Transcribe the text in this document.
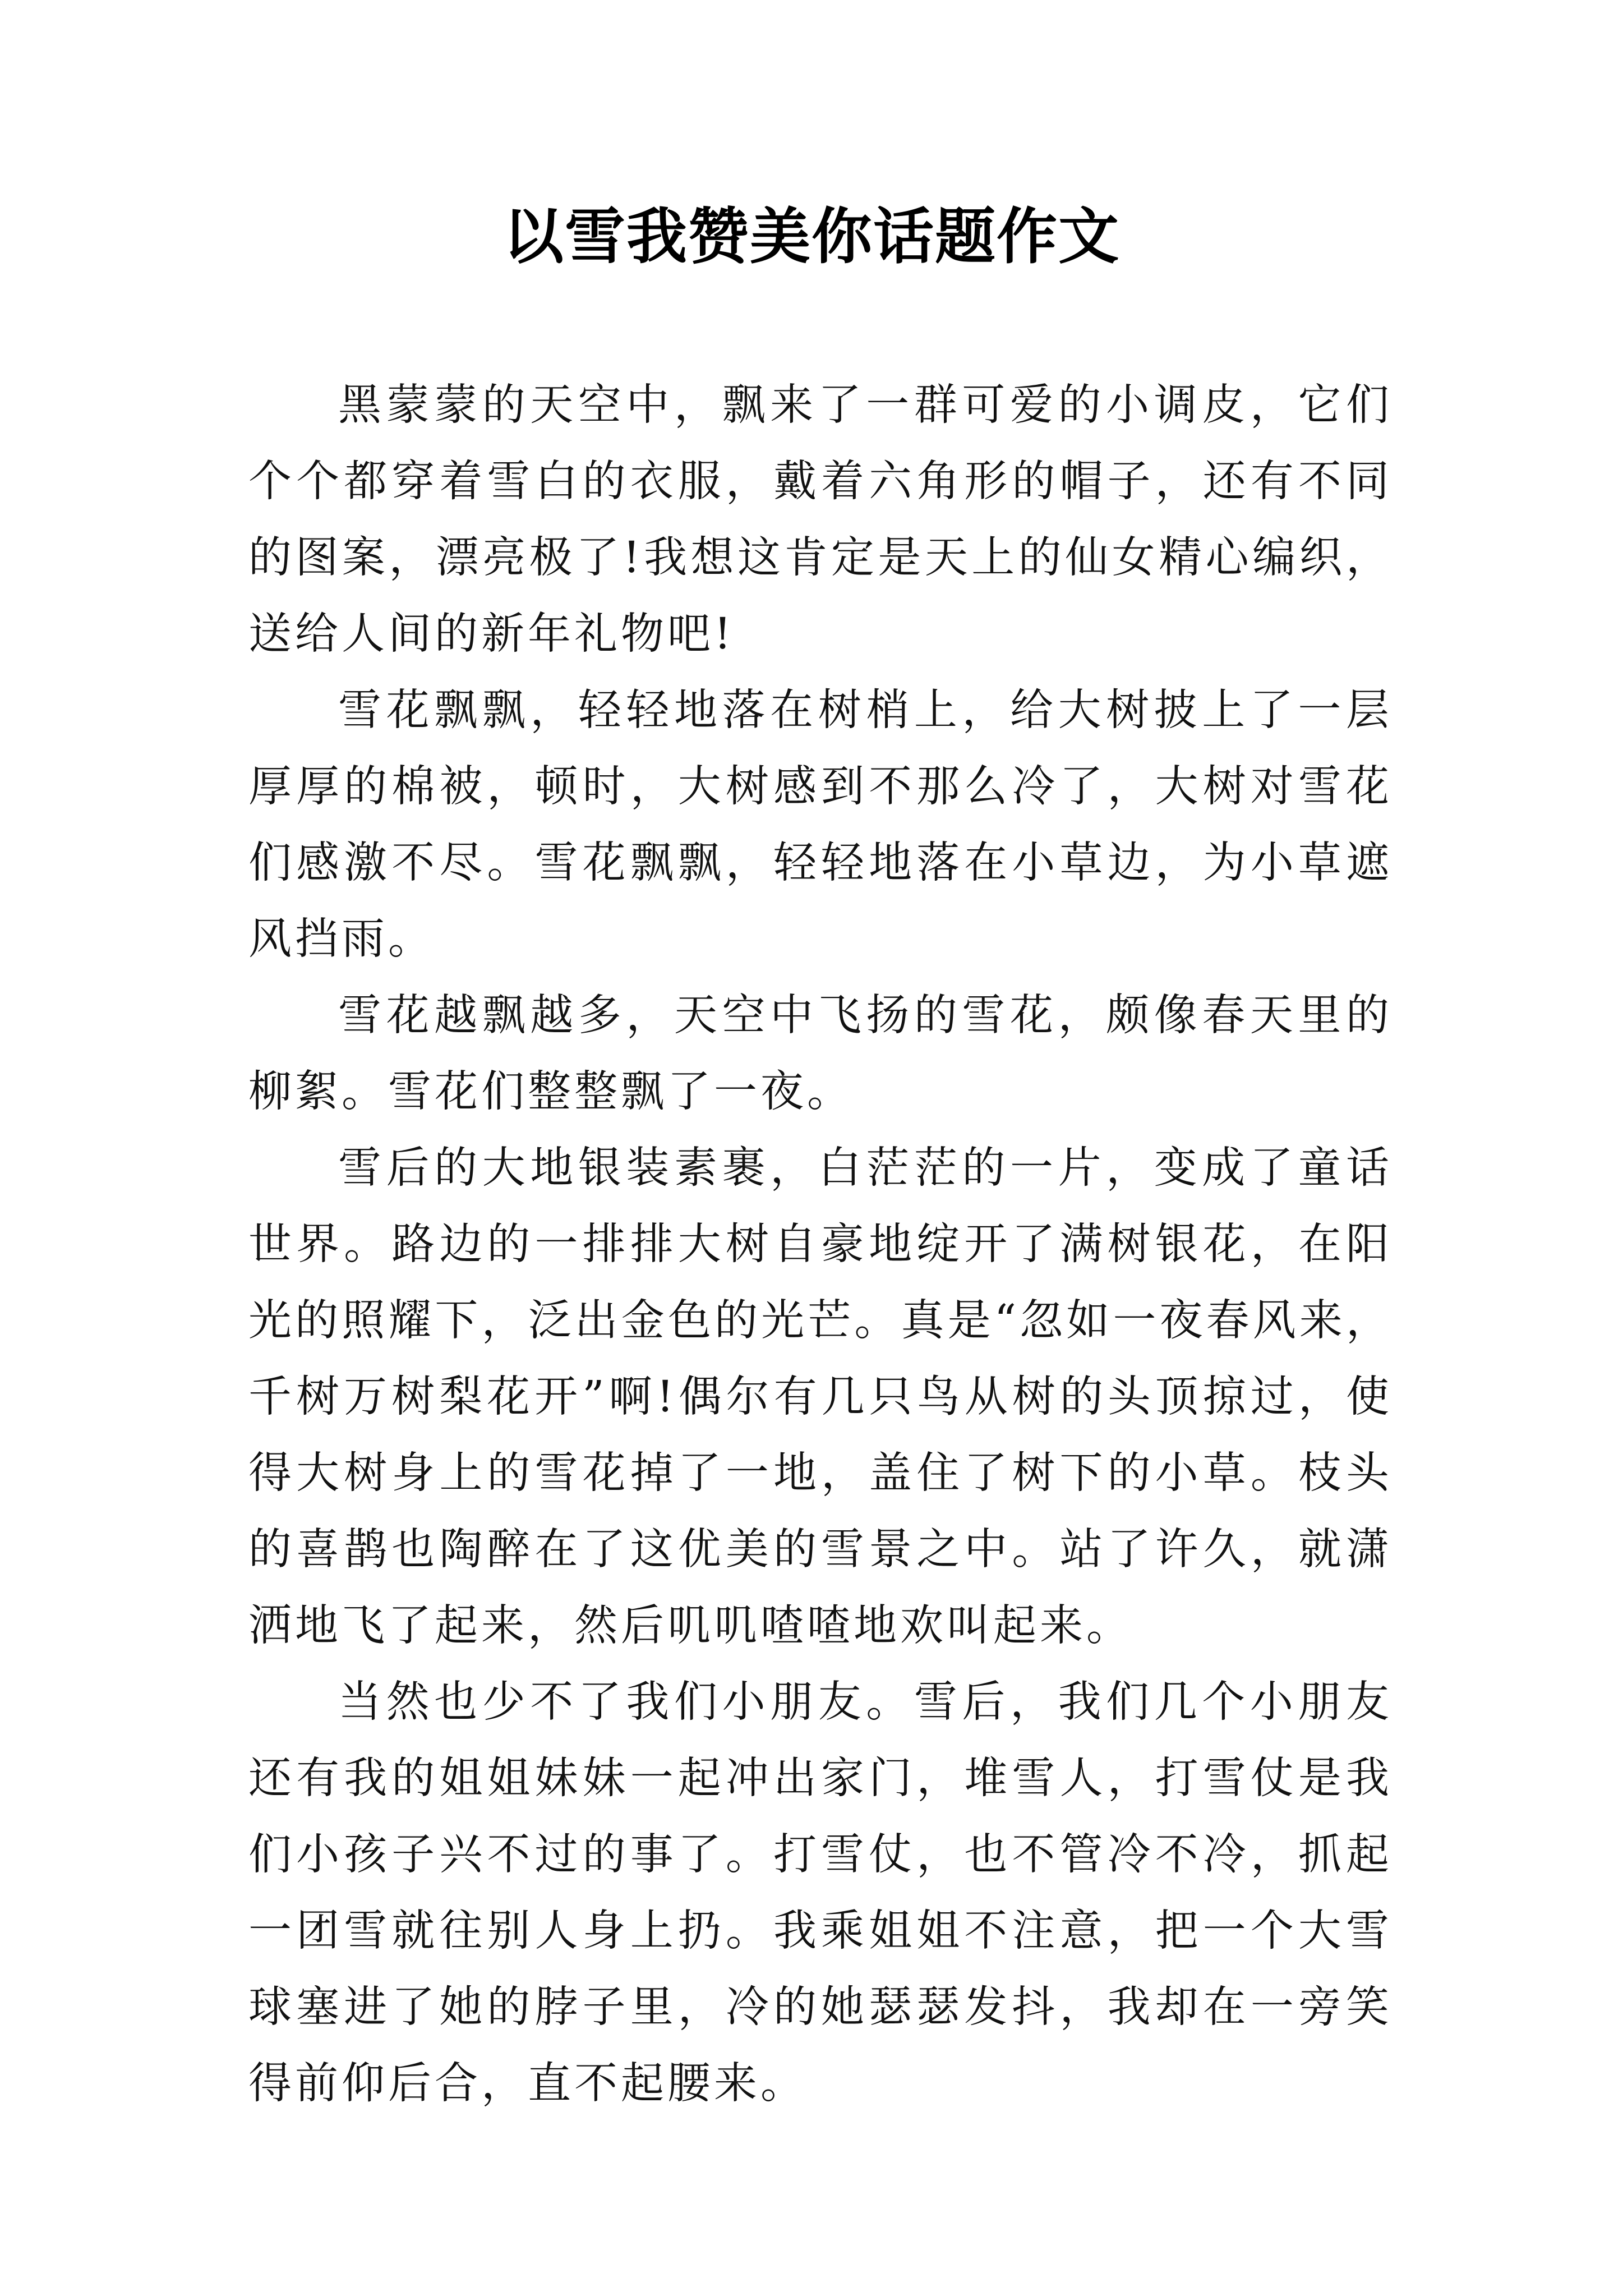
以雪我赞美你话题作文

黑蒙蒙的天空中，飘来了一群可爱的小调皮，它们个个都穿着雪白的衣服，戴着六角形的帽子，还有不同的图案，漂亮极了!我想这肯定是天上的仙女精心编织，送给人间的新年礼物吧!

雪花飘飘，轻轻地落在树梢上，给大树披上了一层厚厚的棉被，顿时，大树感到不那么冷了，大树对雪花们感激不尽。雪花飘飘，轻轻地落在小草边，为小草遮风挡雨。

雪花越飘越多，天空中飞扬的雪花，颇像春天里的柳絮。雪花们整整飘了一夜。

雪后的大地银装素裹，白茫茫的一片，变成了童话世界。路边的一排排大树自豪地绽开了满树银花，在阳光的照耀下，泛出金色的光芒。真是“忽如一夜春风来，千树万树梨花开”啊!偶尔有几只鸟从树的头顶掠过，使得大树身上的雪花掉了一地，盖住了树下的小草。枝头的喜鹊也陶醉在了这优美的雪景之中。站了许久，就潇洒地飞了起来，然后叽叽喳喳地欢叫起来。

当然也少不了我们小朋友。雪后，我们几个小朋友还有我的姐姐妹妹一起冲出家门，堆雪人，打雪仗是我们小孩子兴不过的事了。打雪仗，也不管冷不冷，抓起一团雪就往别人身上扔。我乘姐姐不注意，把一个大雪球塞进了她的脖子里，冷的她瑟瑟发抖，我却在一旁笑得前仰后合，直不起腰来。
